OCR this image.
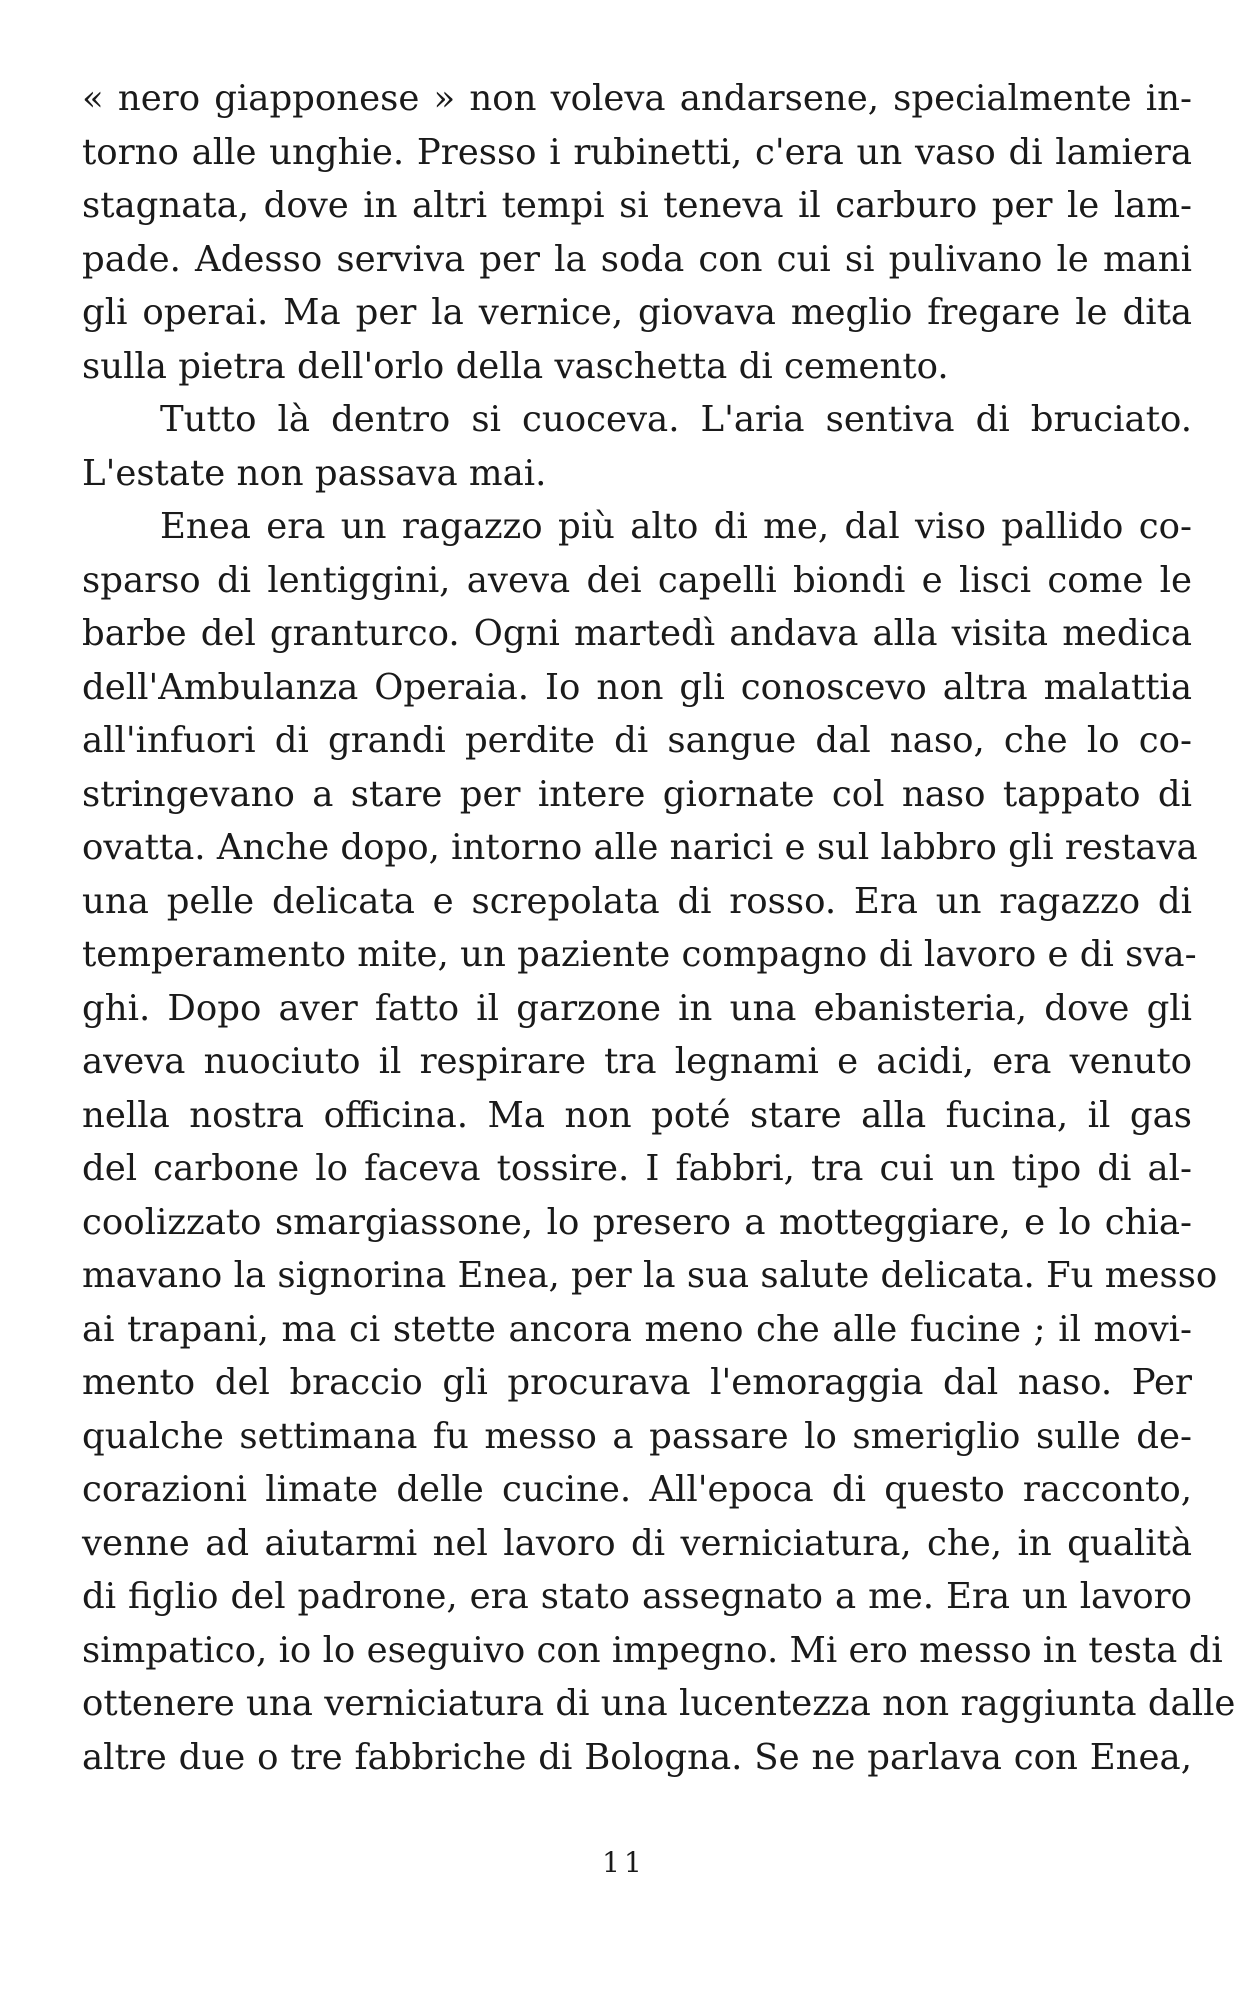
« nero giapponese » non voleva andarsene, specialmente in-
torno alle unghie. Presso i rubinetti, c'era un vaso di lamiera
stagnata, dove in altri tempi si teneva il carburo per le lam-
pade. Adesso serviva per la soda con cui si pulivano le mani
gli operai. Ma per la vernice, giovava meglio fregare le dita
sulla pietra dell'orlo della vaschetta di cemento.
Tutto là dentro si cuoceva. L'aria sentiva di bruciato.
L'estate non passava mai.
Enea era un ragazzo più alto di me, dal viso pallido co-
sparso di lentiggini, aveva dei capelli biondi e lisci come le
barbe del granturco. Ogni martedì andava alla visita medica
dell'Ambulanza Operaia. Io non gli conoscevo altra malattia
all'infuori di grandi perdite di sangue dal naso, che lo co-
stringevano a stare per intere giornate col naso tappato di
ovatta. Anche dopo, intorno alle narici e sul labbro gli restava
una pelle delicata e screpolata di rosso. Era un ragazzo di
temperamento mite, un paziente compagno di lavoro e di sva-
ghi. Dopo aver fatto il garzone in una ebanisteria, dove gli
aveva nuociuto il respirare tra legnami e acidi, era venuto
nella nostra officina. Ma non poté stare alla fucina, il gas
del carbone lo faceva tossire. I fabbri, tra cui un tipo di al-
coolizzato smargiassone, lo presero a motteggiare, e lo chia-
mavano la signorina Enea, per la sua salute delicata. Fu messo
ai trapani, ma ci stette ancora meno che alle fucine ; il movi-
mento del braccio gli procurava l'emoraggia dal naso. Per
qualche settimana fu messo a passare lo smeriglio sulle de-
corazioni limate delle cucine. All'epoca di questo racconto,
venne ad aiutarmi nel lavoro di verniciatura, che, in qualità
di figlio del padrone, era stato assegnato a me. Era un lavoro
simpatico, io lo eseguivo con impegno. Mi ero messo in testa di
ottenere una verniciatura di una lucentezza non raggiunta dalle
altre due o tre fabbriche di Bologna. Se ne parlava con Enea,
11
